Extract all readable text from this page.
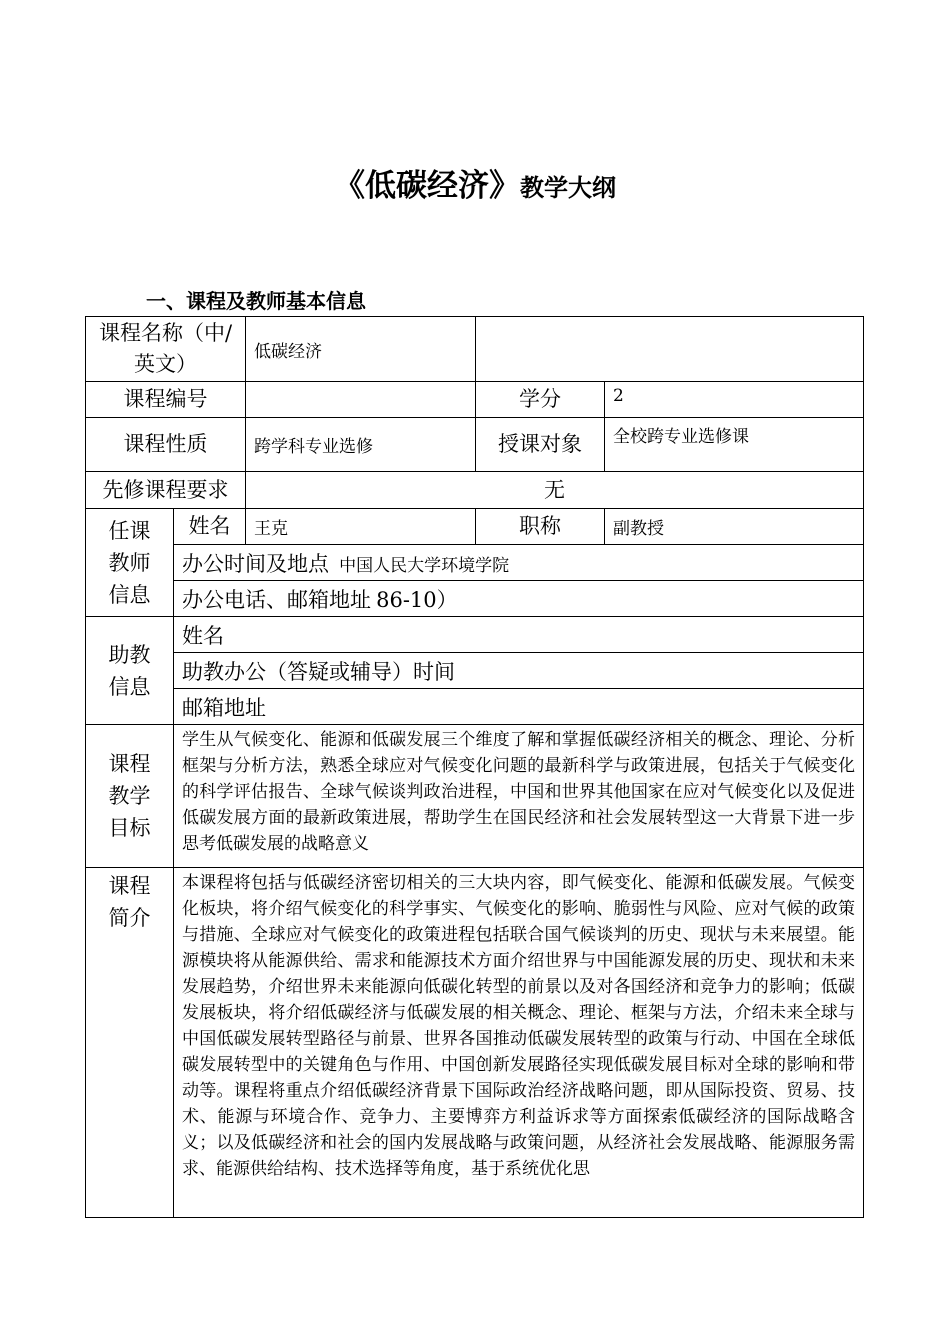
《低碳经济》教学大纲
一、课程及教师基本信息
课程名称（中/英文）		低碳经济		
课程编号			学分	2
课程性质		跨学科专业选修	授课对象	全校跨专业选修课
先修课程要求		无		
任课教师信息	姓名	王克	职称	副教授
	办公时间及地点 中国人民大学环境学院			
	办公电话、邮箱地址 86-10）			
助教信息	姓名			
	助教办公（答疑或辅导）时间			
	邮箱地址			
课程教学目标	学生从气候变化、能源和低碳发展三个维度了解和掌握低碳经济相关的概念、理论、分析框架与分析方法，熟悉全球应对气候变化问题的最新科学与政策进展，包括关于气候变化的科学评估报告、全球气候谈判政治进程，中国和世界其他国家在应对气候变化以及促进低碳发展方面的最新政策进展，帮助学生在国民经济和社会发展转型这一大背景下进一步思考低碳发展的战略意义			
课程简介	本课程将包括与低碳经济密切相关的三大块内容，即气候变化、能源和低碳发展。气候变化板块，将介绍气候变化的科学事实、气候变化的影响、脆弱性与风险、应对气候的政策与措施、全球应对气候变化的政策进程包括联合国气候谈判的历史、现状与未来展望。能源模块将从能源供给、需求和能源技术方面介绍世界与中国能源发展的历史、现状和未来发展趋势，介绍世界未来能源向低碳化转型的前景以及对各国经济和竞争力的影响；低碳发展板块，将介绍低碳经济与低碳发展的相关概念、理论、框架与方法，介绍未来全球与中国低碳发展转型路径与前景、世界各国推动低碳发展转型的政策与行动、中国在全球低碳发展转型中的关键角色与作用、中国创新发展路径实现低碳发展目标对全球的影响和带动等。课程将重点介绍低碳经济背景下国际政治经济战略问题，即从国际投资、贸易、技术、能源与环境合作、竞争力、主要博弈方利益诉求等方面探索低碳经济的国际战略含义；以及低碳经济和社会的国内发展战略与政策问题，从经济社会发展战略、能源服务需求、能源供给结构、技术选择等角度，基于系统优化思			
